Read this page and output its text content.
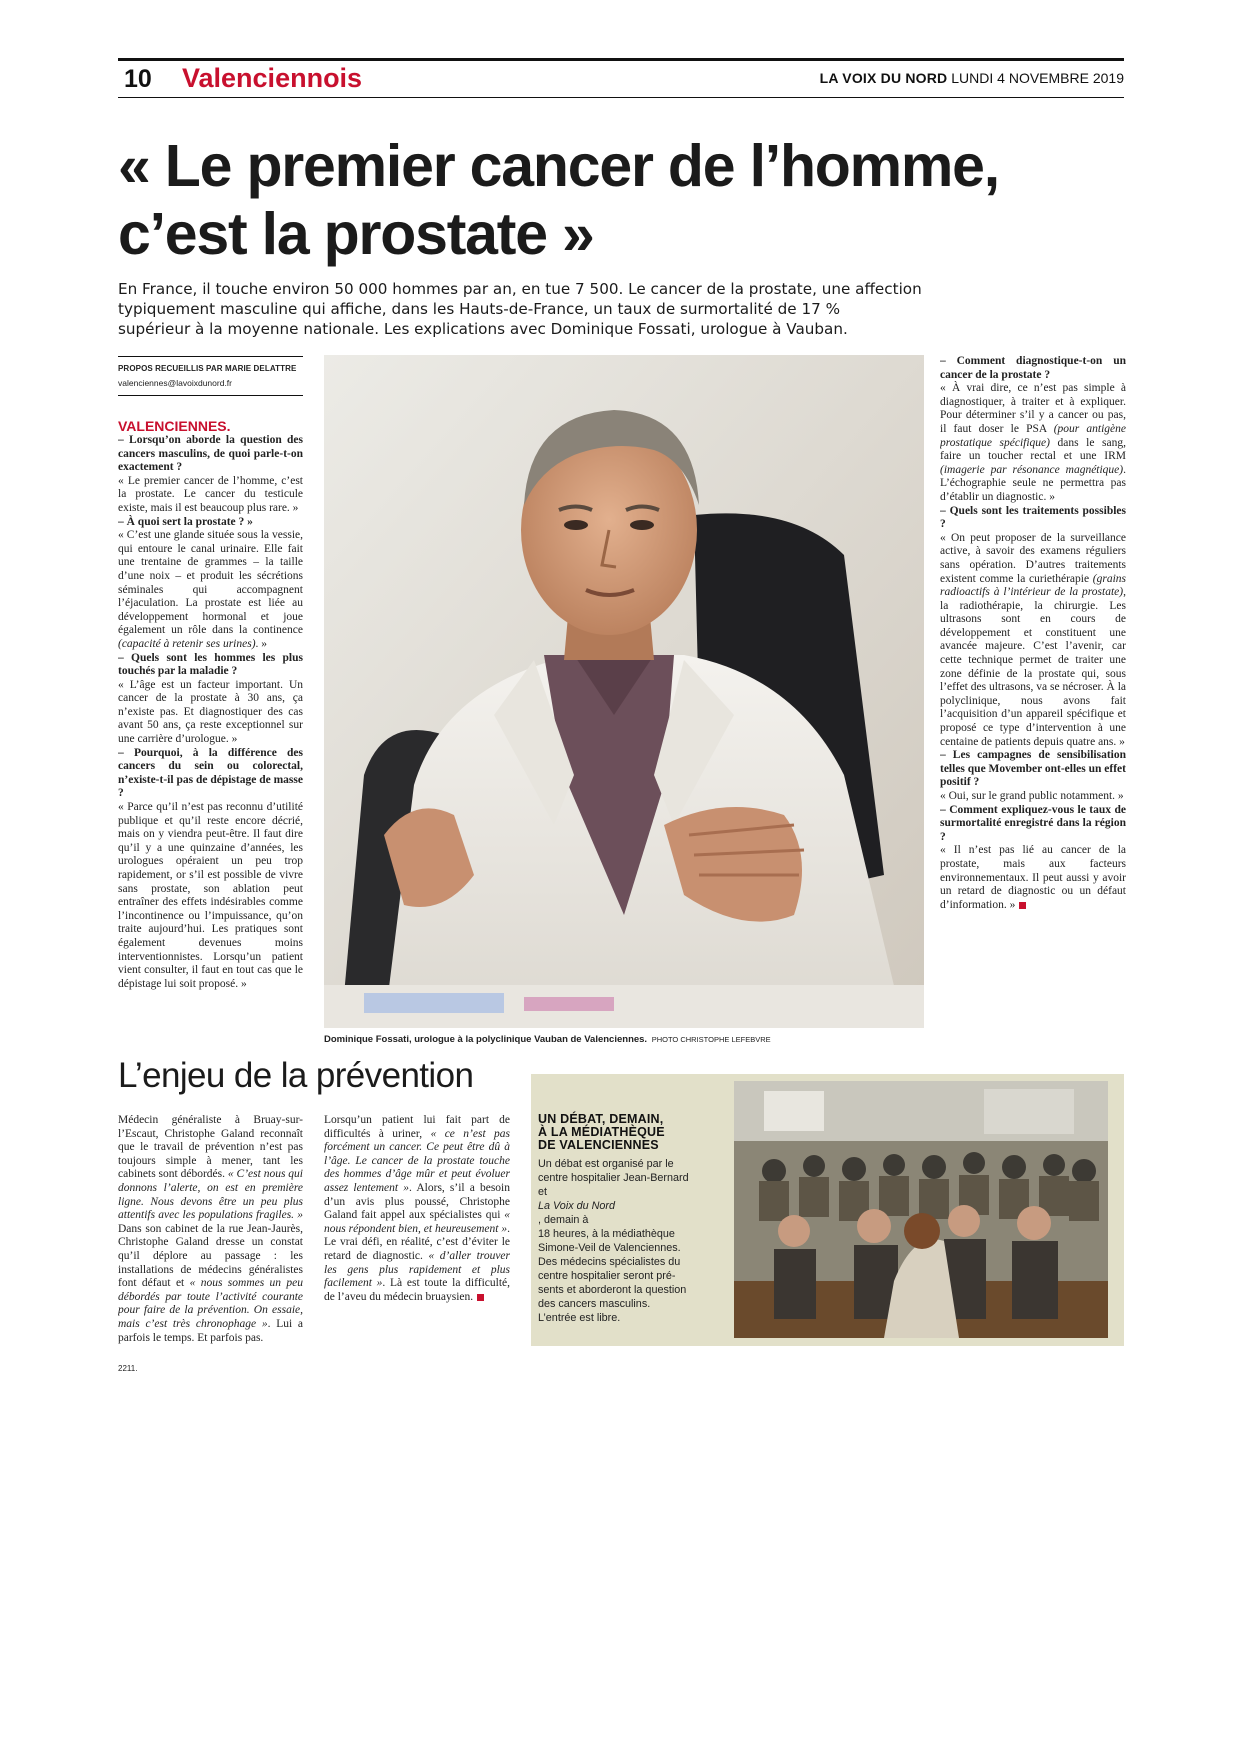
10 Valenciennois	LA VOIX DU NORD LUNDI 4 NOVEMBRE 2019
« Le premier cancer de l’homme,
c’est la prostate »
En France, il touche environ 50 000 hommes par an, en tue 7 500. Le cancer de la prostate, une affection
typiquement masculine qui affiche, dans les Hauts-de-France, un taux de surmortalité de 17 %
supérieur à la moyenne nationale. Les explications avec Dominique Fossati, urologue à Vauban.
PROPOS RECUEILLIS PAR MARIE DELATTRE
valenciennes@lavoixdunord.fr

VALENCIENNES.
– Lorsqu’on aborde la question des cancers masculins, de quoi parle-t-on exactement ?

« Le premier cancer de l’homme, c’est la prostate. Le cancer du testicule existe, mais il est beaucoup plus rare. »

– À quoi sert la prostate ? »

« C’est une glande située sous la vessie, qui entoure le canal urinaire. Elle fait une trentaine de grammes – la taille d’une noix – et produit les sécrétions séminales qui accompagnent l’éjaculation. La prostate est liée au développement hormonal et joue également un rôle dans la continence (capacité à retenir ses urines). »

– Quels sont les hommes les plus touchés par la maladie ?

« L’âge est un facteur important. Un cancer de la prostate à 30 ans, ça n’existe pas. Et diagnostiquer des cas avant 50 ans, ça reste exceptionnel sur une carrière d’urologue. »

– Pourquoi, à la différence des cancers du sein ou colorectal, n’existe-t-il pas de dépistage de masse ?

« Parce qu’il n’est pas reconnu d’utilité publique et qu’il reste encore décrié, mais on y viendra peut-être. Il faut dire qu’il y a une quinzaine d’années, les urologues opéraient un peu trop rapidement, or s’il est possible de vivre sans prostate, son ablation peut entraîner des effets indésirables comme l’incontinence ou l’impuissance, qu’on traite aujourd’hui. Les pratiques sont également devenues moins interventionnistes. Lorsqu’un patient vient consulter, il faut en tout cas que le dépistage lui soit proposé. »

Dominique Fossati, urologue à la polyclinique Vauban de Valenciennes. PHOTO CHRISTOPHE LEFEBVRE

– Comment diagnostique-t-on un cancer de la prostate ?

« À vrai dire, ce n’est pas simple à diagnostiquer, à traiter et à expliquer. Pour déterminer s’il y a cancer ou pas, il faut doser le PSA (pour antigène prostatique spécifique) dans le sang, faire un toucher rectal et une IRM (imagerie par résonance magnétique). L’échographie seule ne permettra pas d’établir un diagnostic. »

– Quels sont les traitements possibles ?

« On peut proposer de la surveillance active, à savoir des examens réguliers sans opération. D’autres traitements existent comme la curiethérapie (grains radioactifs à l’intérieur de la prostate), la radiothérapie, la chirurgie. Les ultrasons sont en cours de développement et constituent une avancée majeure. C’est l’avenir, car cette technique permet de traiter une zone définie de la prostate qui, sous l’effet des ultrasons, va se nécroser. À la polyclinique, nous avons fait l’acquisition d’un appareil spécifique et proposé ce type d’intervention à une centaine de patients depuis quatre ans. »

– Les campagnes de sensibilisation telles que Movember ont-elles un effet positif ?

« Oui, sur le grand public notamment. »

– Comment expliquez-vous le taux de surmortalité enregistré dans la région ?

« Il n’est pas lié au cancer de la prostate, mais aux facteurs environnementaux. Il peut aussi y avoir un retard de diagnostic ou un défaut d’information. »

L’enjeu de la prévention

Médecin généraliste à Bruay-sur-l’Escaut, Christophe Galand reconnaît que le travail de prévention n’est pas toujours simple à mener, tant les cabinets sont débordés. « C’est nous qui donnons l’alerte, on est en première ligne. Nous devons être un peu plus attentifs avec les populations fragiles. » Dans son cabinet de la rue Jean-Jaurès, Christophe Galand dresse un constat qu’il déplore au passage : les installations de médecins généralistes font défaut et « nous sommes un peu débordés par toute l’activité courante pour faire de la prévention. On essaie, mais c’est très chronophage ». Lui a parfois le temps. Et parfois pas.

Lorsqu’un patient lui fait part de difficultés à uriner, « ce n’est pas forcément un cancer. Ce peut être dû à l’âge. Le cancer de la prostate touche des hommes d’âge mûr et peut évoluer assez lentement ». Alors, s’il a besoin d’un avis plus poussé, Christophe Galand fait appel aux spécialistes qui « nous répondent bien, et heureusement ». Le vrai défi, en réalité, c’est d’éviter le retard de diagnostic. « d’aller trouver les gens plus rapidement et plus facilement ». Là est toute la difficulté, de l’aveu du médecin bruaysien.

2211.
UN DÉBAT, DEMAIN,
À LA MÉDIATHÈQUE
DE VALENCIENNES
Un débat est organisé par le
centre hospitalier Jean-Bernard
et
La Voix du Nord
, demain à
18 heures, à la médiathèque
Simone-Veil de Valenciennes.
Des médecins spécialistes du
centre hospitalier seront pré-
sents et aborderont la question
des cancers masculins.
L’entrée est libre.
